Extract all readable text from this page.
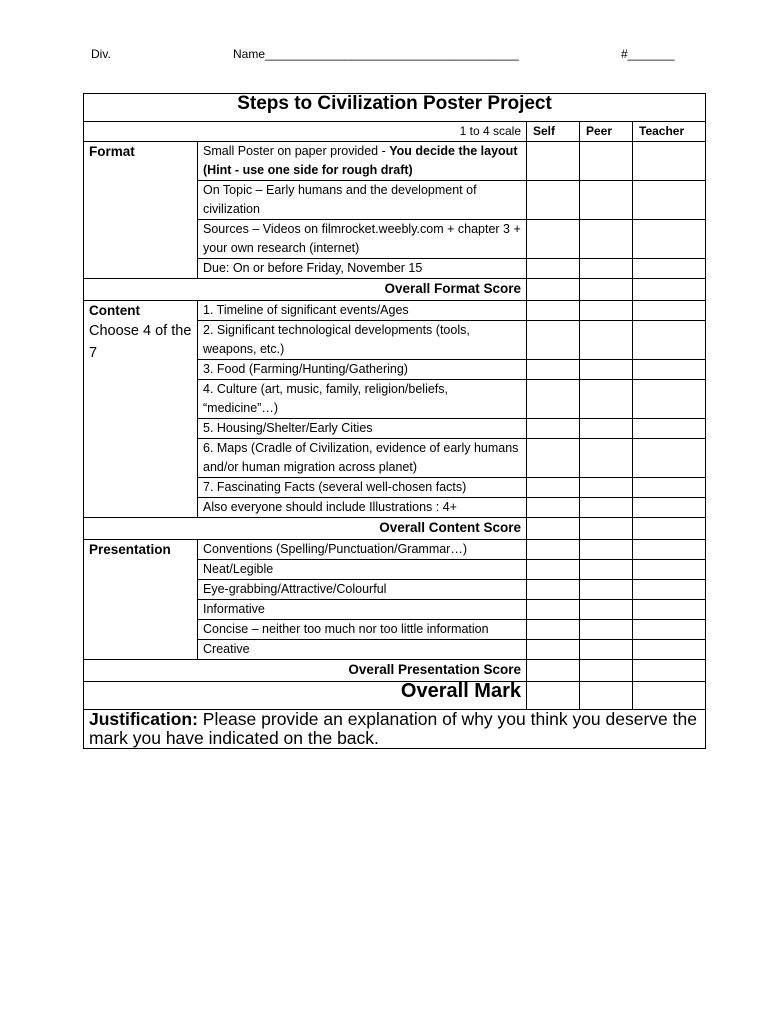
Div.	Name______________________________________	#_______
Steps to Civilization Poster Project				
1 to 4 scale		Self	Peer	Teacher
Format	Small Poster on paper provided - You decide the layout (Hint - use one side for rough draft)			
	On Topic – Early humans and the development of civilization			
	Sources – Videos on filmrocket.weebly.com + chapter 3 + your own research (internet)			
	Due: On or before Friday, November 15			
Overall Format Score				
Content
Choose 4 of the 7	1. Timeline of significant events/Ages			
	2. Significant technological developments (tools, weapons, etc.)			
	3. Food (Farming/Hunting/Gathering)			
	4. Culture (art, music, family, religion/beliefs, “medicine”…)			
	5. Housing/Shelter/Early Cities			
	6. Maps (Cradle of Civilization, evidence of early humans and/or human migration across planet)			
	7. Fascinating Facts (several well-chosen facts)			
	Also everyone should include Illustrations : 4+			
Overall Content Score				
Presentation	Conventions (Spelling/Punctuation/Grammar…)			
	Neat/Legible			
	Eye-grabbing/Attractive/Colourful			
	Informative			
	Concise – neither too much nor too little information			
	Creative			
Overall Presentation Score				
Overall Mark				
Justification: Please provide an explanation of why you think you deserve the mark you have indicated on the back.				
